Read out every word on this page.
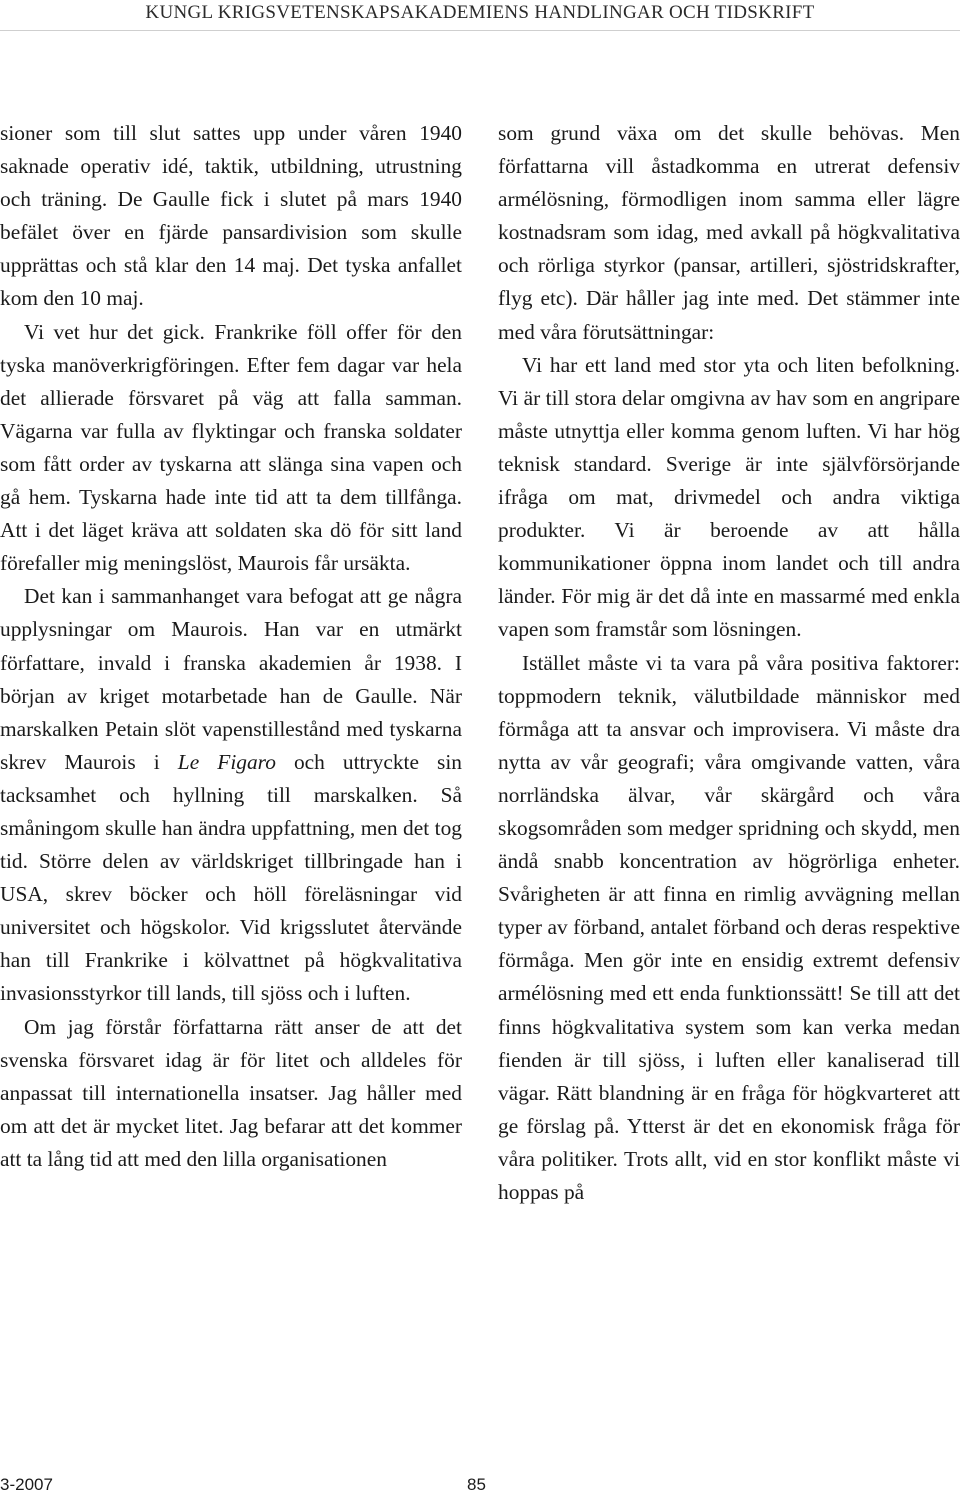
KUNGL KRIGSVETENSKAPSAKADEMIENS HANDLINGAR OCH TIDSKRIFT

sioner som till slut sattes upp under våren 1940 saknade operativ idé, taktik, utbildning, utrustning och träning. De Gaulle fick i slutet på mars 1940 befälet över en fjärde pansardivision som skulle upprättas och stå klar den 14 maj. Det tyska anfallet kom den 10 maj.

Vi vet hur det gick. Frankrike föll offer för den tyska manöverkrigföringen. Efter fem dagar var hela det allierade försvaret på väg att falla samman. Vägarna var fulla av flyktingar och franska soldater som fått order av tyskarna att slänga sina vapen och gå hem. Tyskarna hade inte tid att ta dem tillfånga. Att i det läget kräva att soldaten ska dö för sitt land förefaller mig meningslöst, Maurois får ursäkta.

Det kan i sammanhanget vara befogat att ge några upplysningar om Maurois. Han var en utmärkt författare, invald i franska akademien år 1938. I början av kriget motarbetade han de Gaulle. När marskalken Petain slöt vapenstillestånd med tyskarna skrev Maurois i Le Figaro och uttryckte sin tacksamhet och hyllning till marskalken. Så småningom skulle han ändra uppfattning, men det tog tid. Större delen av världskriget tillbringade han i USA, skrev böcker och höll föreläsningar vid universitet och högskolor. Vid krigsslutet återvände han till Frankrike i kölvattnet på högkvalitativa invasionsstyrkor till lands, till sjöss och i luften.

Om jag förstår författarna rätt anser de att det svenska försvaret idag är för litet och alldeles för anpassat till internationella insatser. Jag håller med om att det är mycket litet. Jag befarar att det kommer att ta lång tid att med den lilla organisationen

som grund växa om det skulle behövas. Men författarna vill åstadkomma en utrerat defensiv armélösning, förmodligen inom samma eller lägre kostnadsram som idag, med avkall på högkvalitativa och rörliga styrkor (pansar, artilleri, sjöstridskrafter, flyg etc). Där håller jag inte med. Det stämmer inte med våra förutsättningar:

Vi har ett land med stor yta och liten befolkning. Vi är till stora delar omgivna av hav som en angripare måste utnyttja eller komma genom luften. Vi har hög teknisk standard. Sverige är inte självförsörjande ifråga om mat, drivmedel och andra viktiga produkter. Vi är beroende av att hålla kommunikationer öppna inom landet och till andra länder. För mig är det då inte en massarmé med enkla vapen som framstår som lösningen.

Istället måste vi ta vara på våra positiva faktorer: toppmodern teknik, välutbildade människor med förmåga att ta ansvar och improvisera. Vi måste dra nytta av vår geografi; våra omgivande vatten, våra norrländska älvar, vår skärgård och våra skogsområden som medger spridning och skydd, men ändå snabb koncentration av högrörliga enheter. Svårigheten är att finna en rimlig avvägning mellan typer av förband, antalet förband och deras respektive förmåga. Men gör inte en ensidig extremt defensiv armélösning med ett enda funktionssätt! Se till att det finns högkvalitativa system som kan verka medan fienden är till sjöss, i luften eller kanaliserad till vägar. Rätt blandning är en fråga för högkvarteret att ge förslag på. Ytterst är det en ekonomisk fråga för våra politiker. Trots allt, vid en stor konflikt måste vi hoppas på

3-2007	85
